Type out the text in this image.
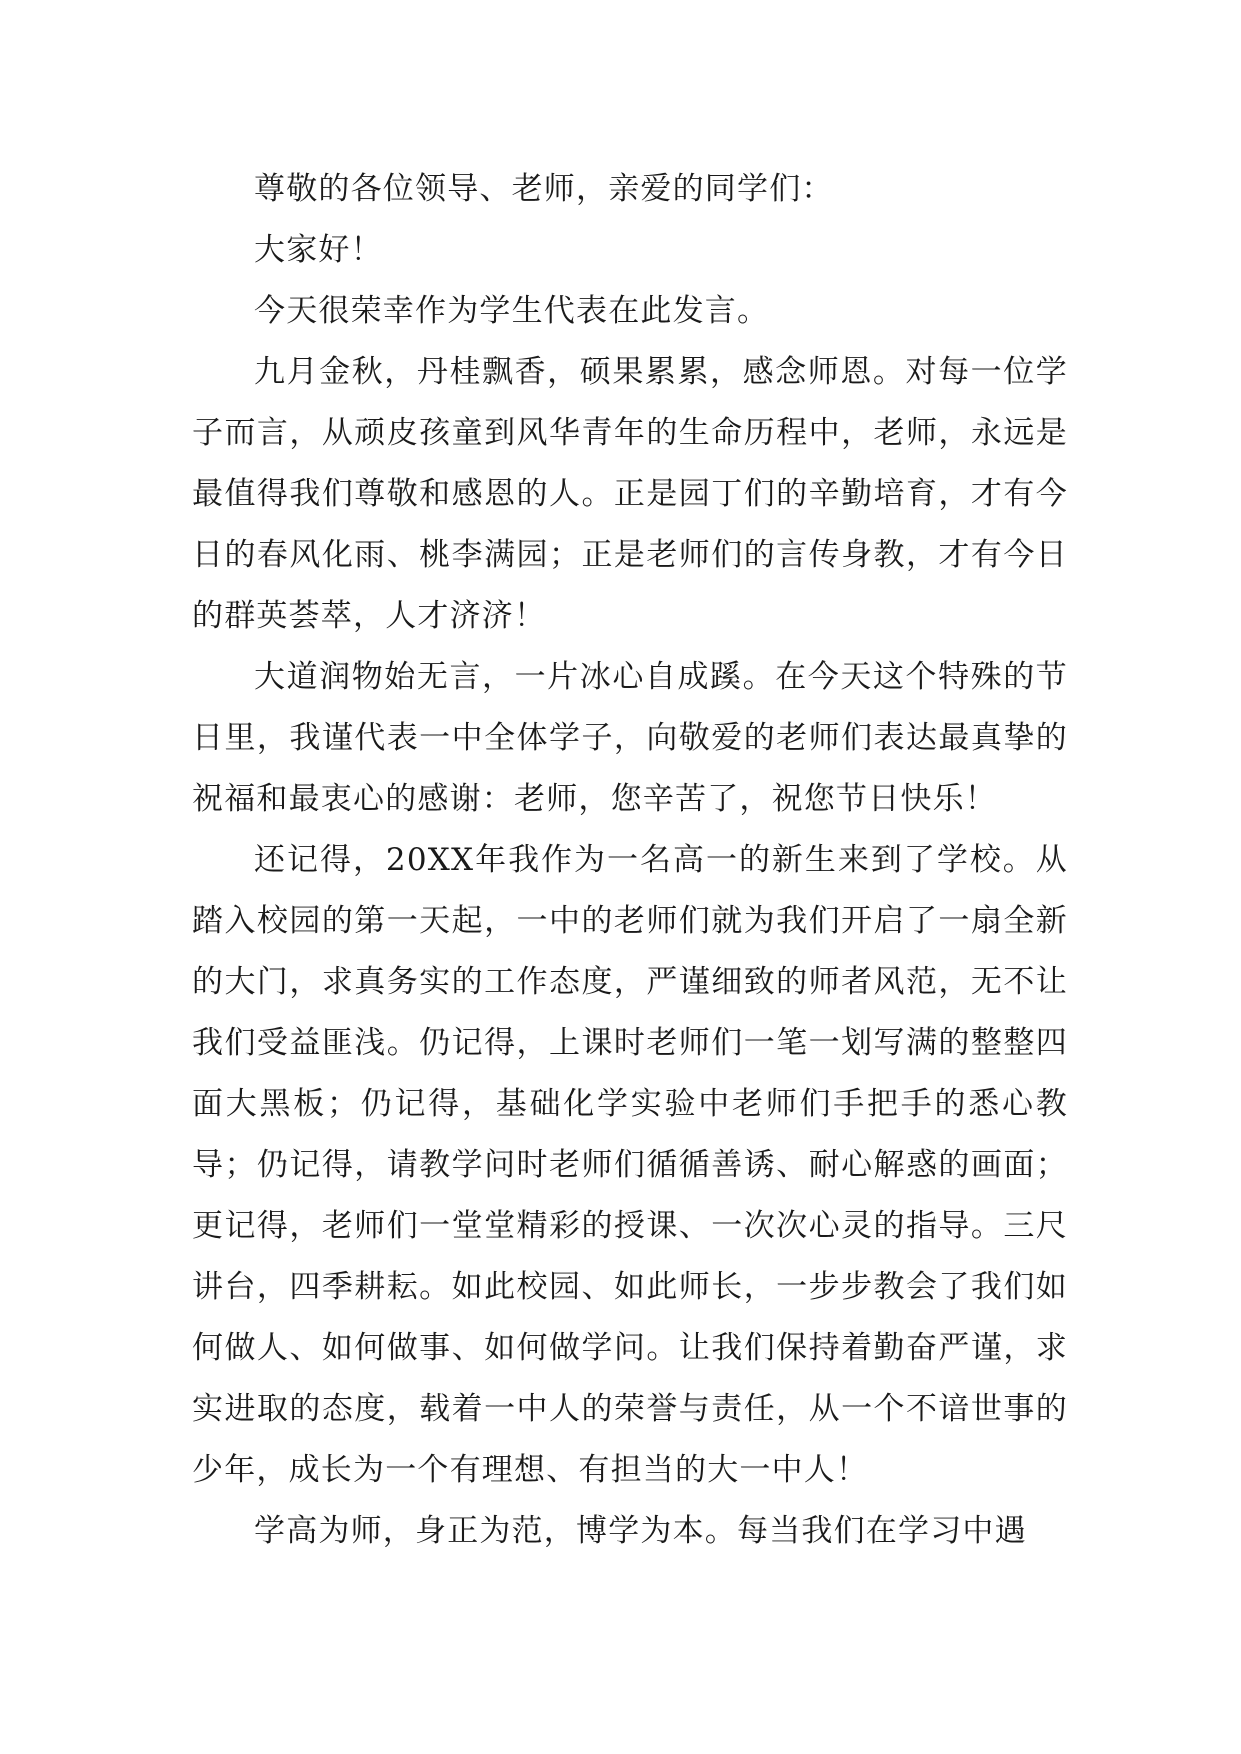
尊敬的各位领导、老师，亲爱的同学们：

大家好！

今天很荣幸作为学生代表在此发言。

九月金秋，丹桂飘香，硕果累累，感念师恩。对每一位学子而言，从顽皮孩童到风华青年的生命历程中，老师，永远是最值得我们尊敬和感恩的人。正是园丁们的辛勤培育，才有今日的春风化雨、桃李满园；正是老师们的言传身教，才有今日的群英荟萃，人才济济！

大道润物始无言，一片冰心自成蹊。在今天这个特殊的节日里，我谨代表一中全体学子，向敬爱的老师们表达最真挚的祝福和最衷心的感谢：老师，您辛苦了，祝您节日快乐！

还记得，20XX年我作为一名高一的新生来到了学校。从踏入校园的第一天起，一中的老师们就为我们开启了一扇全新的大门，求真务实的工作态度，严谨细致的师者风范，无不让我们受益匪浅。仍记得，上课时老师们一笔一划写满的整整四面大黑板；仍记得，基础化学实验中老师们手把手的悉心教导；仍记得，请教学问时老师们循循善诱、耐心解惑的画面；更记得，老师们一堂堂精彩的授课、一次次心灵的指导。三尺讲台，四季耕耘。如此校园、如此师长，一步步教会了我们如何做人、如何做事、如何做学问。让我们保持着勤奋严谨，求实进取的态度，载着一中人的荣誉与责任，从一个不谙世事的少年，成长为一个有理想、有担当的大一中人！

学高为师，身正为范，博学为本。每当我们在学习中遇
